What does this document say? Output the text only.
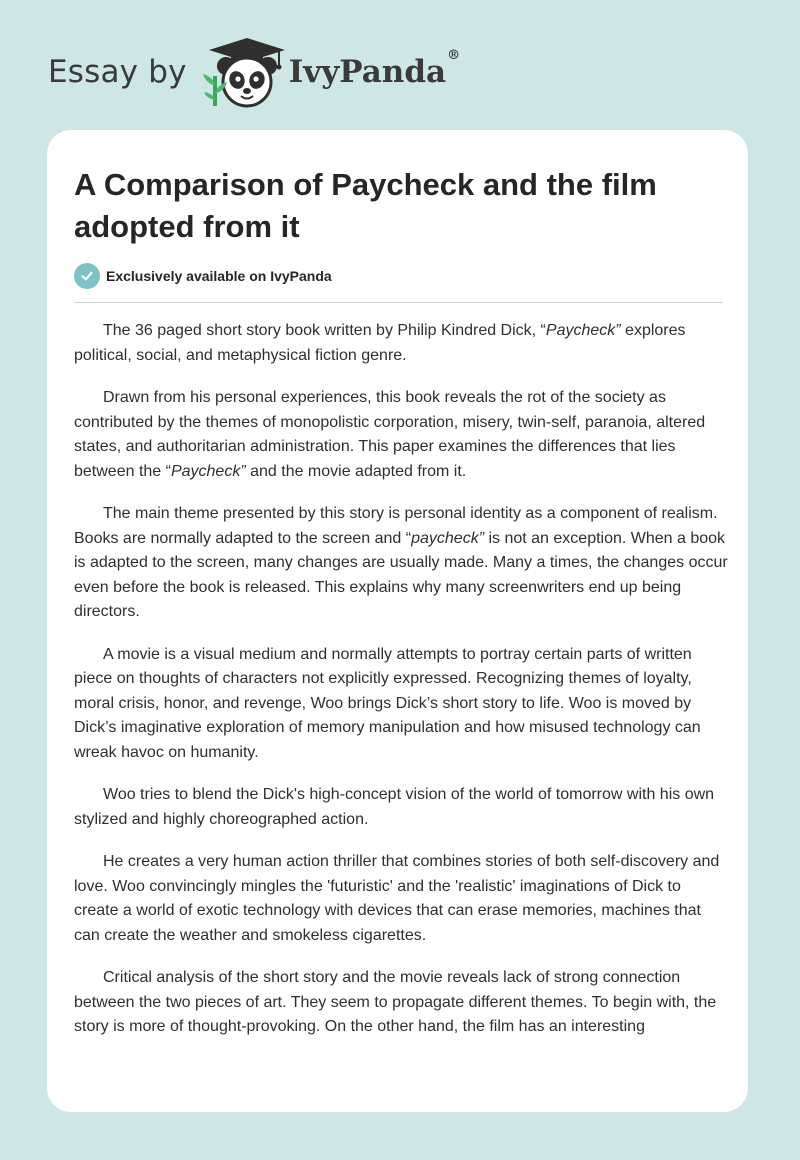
Essay by	IvyPanda®
A Comparison of Paycheck and the film adopted from it
Exclusively available on IvyPanda

The 36 paged short story book written by Philip Kindred Dick, “Paycheck” explores political, social, and metaphysical fiction genre.

Drawn from his personal experiences, this book reveals the rot of the society as contributed by the themes of monopolistic corporation, misery, twin-self, paranoia, altered states, and authoritarian administration. This paper examines the differences that lies between the “Paycheck” and the movie adapted from it.

The main theme presented by this story is personal identity as a component of realism. Books are normally adapted to the screen and “paycheck” is not an exception. When a book is adapted to the screen, many changes are usually made. Many a times, the changes occur even before the book is released. This explains why many screenwriters end up being directors.

A movie is a visual medium and normally attempts to portray certain parts of written piece on thoughts of characters not explicitly expressed. Recognizing themes of loyalty, moral crisis, honor, and revenge, Woo brings Dick’s short story to life. Woo is moved by Dick’s imaginative exploration of memory manipulation and how misused technology can wreak havoc on humanity.

Woo tries to blend the Dick's high-concept vision of the world of tomorrow with his own stylized and highly choreographed action.

He creates a very human action thriller that combines stories of both self-discovery and love. Woo convincingly mingles the 'futuristic' and the 'realistic' imaginations of Dick to create a world of exotic technology with devices that can erase memories, machines that can create the weather and smokeless cigarettes.

Critical analysis of the short story and the movie reveals lack of strong connection between the two pieces of art. They seem to propagate different themes. To begin with, the story is more of thought-provoking. On the other hand, the film has an interesting
